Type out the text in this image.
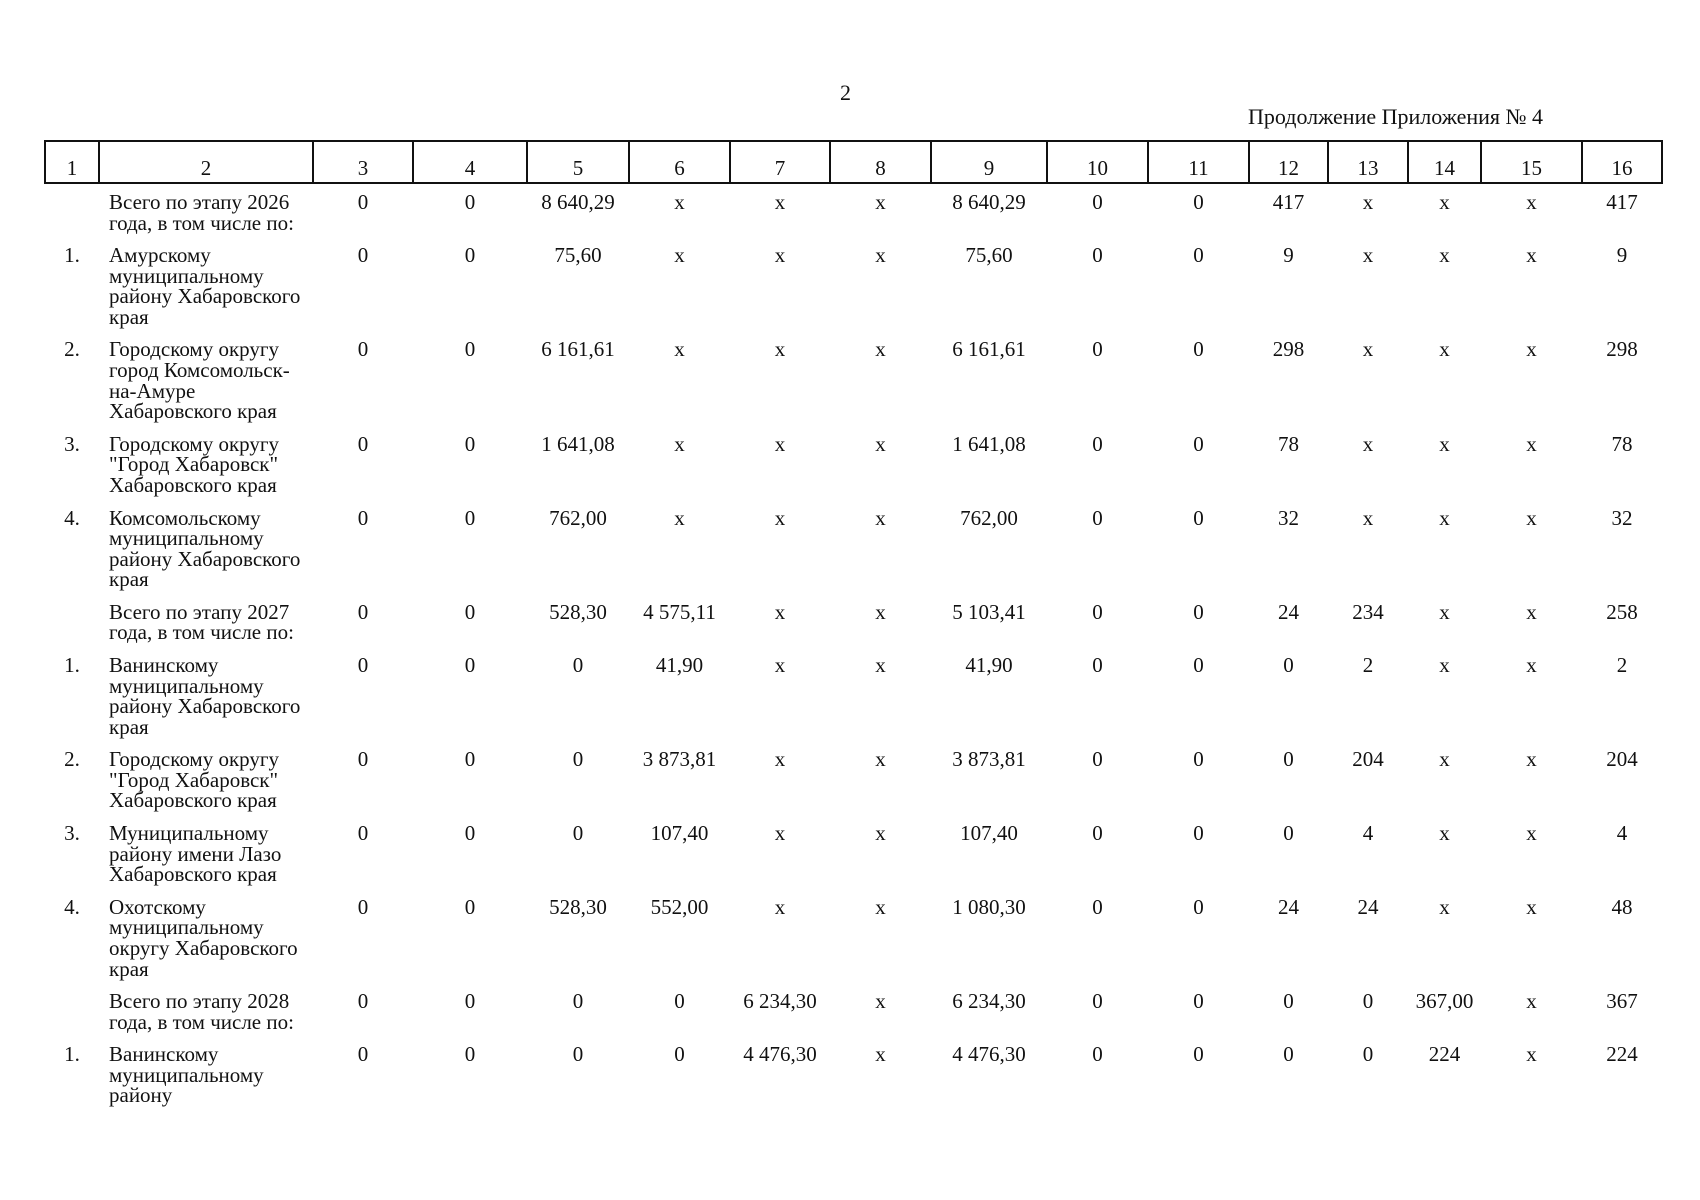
2
Продолжение Приложения № 4
1	2	3	4	5	6	7	8	9	10	11	12	13	14	15	16
	Всего по этапу 2026 года, в том числе по:	0	0	8 640,29	x	x	x	8 640,29	0	0	417	x	x	x	417
1.	Амурскому муниципальному району Хабаровского края	0	0	75,60	x	x	x	75,60	0	0	9	x	x	x	9
2.	Городскому округу город Комсомольск-на-Амуре Хабаровского края	0	0	6 161,61	x	x	x	6 161,61	0	0	298	x	x	x	298
3.	Городскому округу "Город Хабаровск" Хабаровского края	0	0	1 641,08	x	x	x	1 641,08	0	0	78	x	x	x	78
4.	Комсомольскому муниципальному району Хабаровского края	0	0	762,00	x	x	x	762,00	0	0	32	x	x	x	32
	Всего по этапу 2027 года, в том числе по:	0	0	528,30	4 575,11	x	x	5 103,41	0	0	24	234	x	x	258
1.	Ванинскому муниципальному району Хабаровского края	0	0	0	41,90	x	x	41,90	0	0	0	2	x	x	2
2.	Городскому округу "Город Хабаровск" Хабаровского края	0	0	0	3 873,81	x	x	3 873,81	0	0	0	204	x	x	204
3.	Муниципальному району имени Лазо Хабаровского края	0	0	0	107,40	x	x	107,40	0	0	0	4	x	x	4
4.	Охотскому муниципальному округу Хабаровского края	0	0	528,30	552,00	x	x	1 080,30	0	0	24	24	x	x	48
	Всего по этапу 2028 года, в том числе по:	0	0	0	0	6 234,30	x	6 234,30	0	0	0	0	367,00	x	367
1.	Ванинскому муниципальному району	0	0	0	0	4 476,30	x	4 476,30	0	0	0	0	224	x	224
